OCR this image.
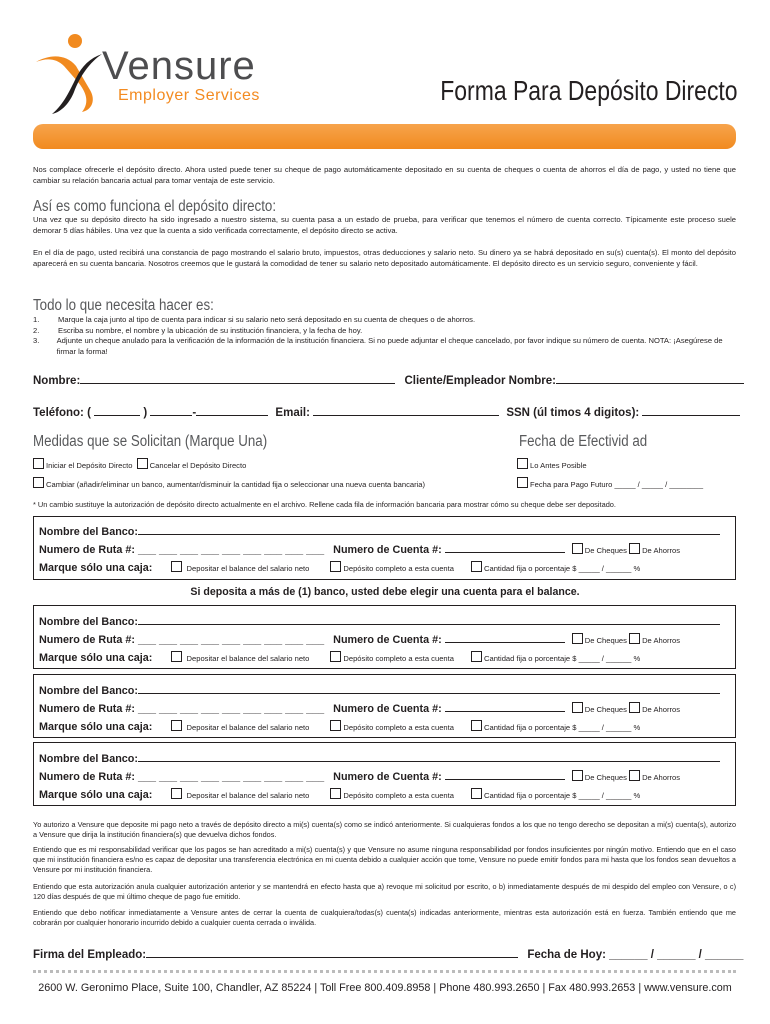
Vensure
Employer Services	Forma Para Depósito Directo
Nos complace ofrecerle el depósito directo. Ahora usted puede tener su cheque de pago automáticamente depositado en su cuenta de cheques o cuenta de ahorros el día de pago, y usted no tiene que cambiar su relación bancaria actual para tomar ventaja de este servicio.
Así es como funciona el depósito directo:
Una vez que su depósito directo ha sido ingresado a nuestro sistema, su cuenta pasa a un estado de prueba, para verificar que tenemos el número de cuenta correcto. Típicamente este proceso suele demorar 5 días hábiles. Una vez que la cuenta a sido verificada correctamente, el depósito directo se activa.
En el día de pago, usted recibirá una constancia de pago mostrando el salario bruto, impuestos, otras deducciones y salario neto. Su dinero ya se habrá depositado en su(s) cuenta(s). El monto del depósito aparecerá en su cuenta bancaria. Nosotros creemos que le gustará la comodidad de tener su salario neto depositado automáticamente. El depósito directo es un servicio seguro, conveniente y fácil.
Todo lo que necesita hacer es:
1.	Marque la caja junto al tipo de cuenta para indicar si su salario neto será depositado en su cuenta de cheques o de ahorros.
2.	Escriba su nombre, el nombre y la ubicación de su institución financiera, y la fecha de hoy.
3.	Adjunte un cheque anulado para la verificación de la información de la institución financiera. Si no puede adjuntar el cheque cancelado, por favor indique su número de cuenta. NOTA: ¡Asegúrese de firmar la forma!
Nombre:	Cliente/Empleador Nombre:
Teléfono: (	)	-	Email:	SSN (úl timos 4 digitos):
Medidas que se Solicitan (Marque Una)	Fecha de Efectivid ad
Iniciar el Depósito Directo Cancelar el Depósito Directo	Lo Antes Posible
Cambiar (añadir/eliminar un banco, aumentar/disminuir la cantidad fija o seleccionar una nueva cuenta bancaria)	Fecha para Pago Futuro _____ / _____ / ________
* Un cambio sustituye la autorización de depósito directo actualmente en el archivo. Rellene cada fila de información bancaria para mostrar cómo su cheque debe ser depositado.
Nombre del Banco:
Numero de Ruta #: ___ ___ ___ ___ ___ ___ ___ ___ ___ Numero de Cuenta #:	De Cheques De Ahorros
Marque sólo una caja:	Depositar el balance del salario neto	Depósito completo a esta cuenta	Cantidad fija o porcentaje $ _____ / ______ %
Si deposita a más de (1) banco, usted debe elegir una cuenta para el balance.
Nombre del Banco:
Numero de Ruta #: ___ ___ ___ ___ ___ ___ ___ ___ ___ Numero de Cuenta #:	De Cheques De Ahorros
Marque sólo una caja:	Depositar el balance del salario neto	Depósito completo a esta cuenta	Cantidad fija o porcentaje $ _____ / ______ %
Nombre del Banco:
Numero de Ruta #: ___ ___ ___ ___ ___ ___ ___ ___ ___ Numero de Cuenta #:	De Cheques De Ahorros
Marque sólo una caja:	Depositar el balance del salario neto	Depósito completo a esta cuenta	Cantidad fija o porcentaje $ _____ / ______ %
Nombre del Banco:
Numero de Ruta #: ___ ___ ___ ___ ___ ___ ___ ___ ___ Numero de Cuenta #:	De Cheques De Ahorros
Marque sólo una caja:	Depositar el balance del salario neto	Depósito completo a esta cuenta	Cantidad fija o porcentaje $ _____ / ______ %
Yo autorizo a Vensure que deposite mi pago neto a través de depósito directo a mi(s) cuenta(s) como se indicó anteriormente. Si cualquieras fondos a los que no tengo derecho se depositan a mi(s) cuenta(s), autorizo a Vensure que dirija la institución financiera(s) que devuelva dichos fondos.
Entiendo que es mi responsabilidad verificar que los pagos se han acreditado a mi(s) cuenta(s) y que Vensure no asume ninguna responsabilidad por fondos insuficientes por ningún motivo. Entiendo que en el caso que mi institución financiera es/no es capaz de depositar una transferencia electrónica en mi cuenta debido a cualquier acción que tome, Vensure no puede emitir fondos para mi hasta que los fondos sean devueltos a Vensure por mi institución financiera.
Entiendo que esta autorización anula cualquier autorización anterior y se mantendrá en efecto hasta que a) revoque mi solicitud por escrito, o b) inmediatamente después de mi despido del empleo con Vensure, o c) 120 días después de que mi último cheque de pago fue emitido.
Entiendo que debo notificar inmediatamente a Vensure antes de cerrar la cuenta de cualquiera/todas(s) cuenta(s) indicadas anteriormente, mientras esta autorización está en fuerza. También entiendo que me cobrarán por cualquier honorario incurrido debido a cualquier cuenta cerrada o inválida.
Firma del Empleado:	Fecha de Hoy: ______ / ______ / ______
2600 W. Geronimo Place, Suite 100, Chandler, AZ 85224 | Toll Free 800.409.8958 | Phone 480.993.2650 | Fax 480.993.2653 | www.vensure.com
